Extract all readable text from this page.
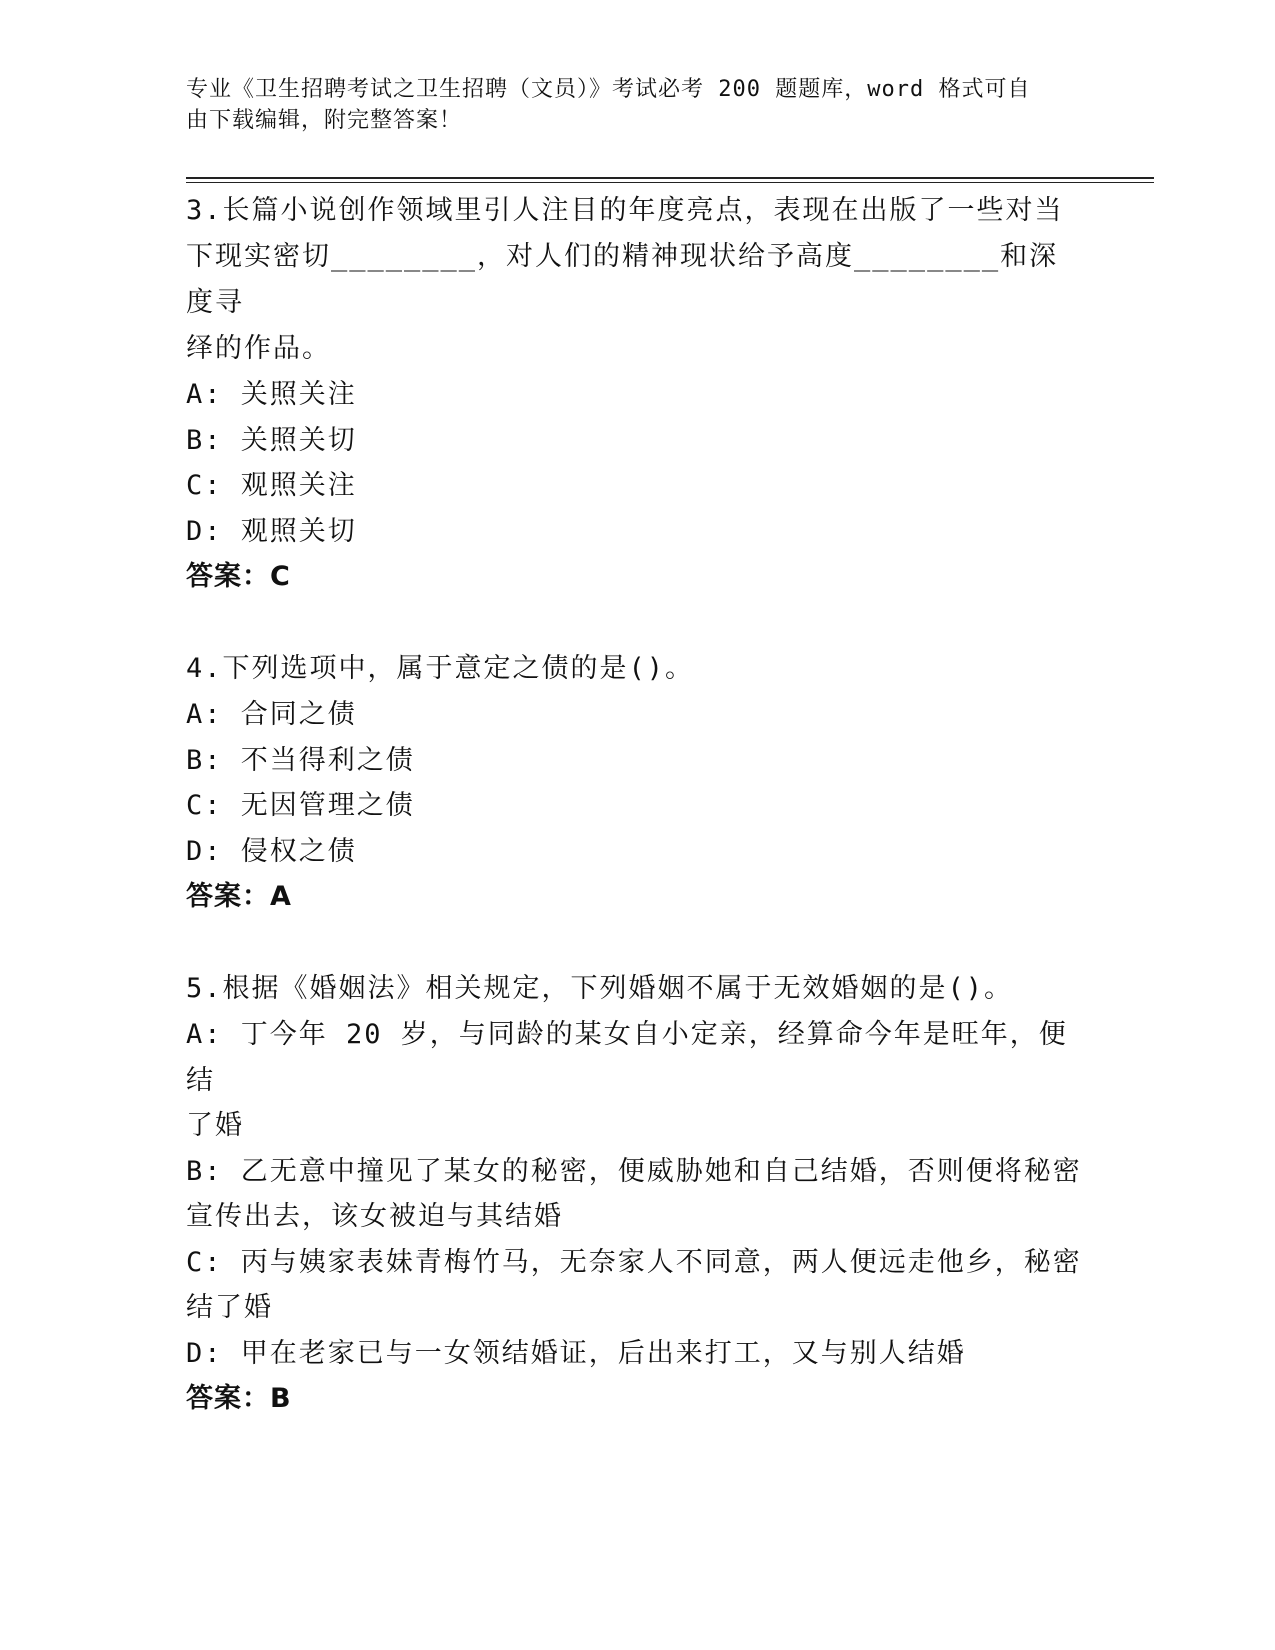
专业《卫生招聘考试之卫生招聘（文员）》考试必考 200 题题库，word 格式可自
由下载编辑，附完整答案！
3.长篇小说创作领域里引人注目的年度亮点，表现在出版了一些对当
下现实密切________，对人们的精神现状给予高度________和深度寻
绎的作品。
A: 关照关注
B: 关照关切
C: 观照关注
D: 观照关切
答案：C
4.下列选项中，属于意定之债的是()。
A: 合同之债
B: 不当得利之债
C: 无因管理之债
D: 侵权之债
答案：A
5.根据《婚姻法》相关规定，下列婚姻不属于无效婚姻的是()。
A: 丁今年 20 岁，与同龄的某女自小定亲，经算命今年是旺年，便结
了婚
B: 乙无意中撞见了某女的秘密，便威胁她和自己结婚，否则便将秘密
宣传出去，该女被迫与其结婚
C: 丙与姨家表妹青梅竹马，无奈家人不同意，两人便远走他乡，秘密
结了婚
D: 甲在老家已与一女领结婚证，后出来打工，又与别人结婚
答案：B
